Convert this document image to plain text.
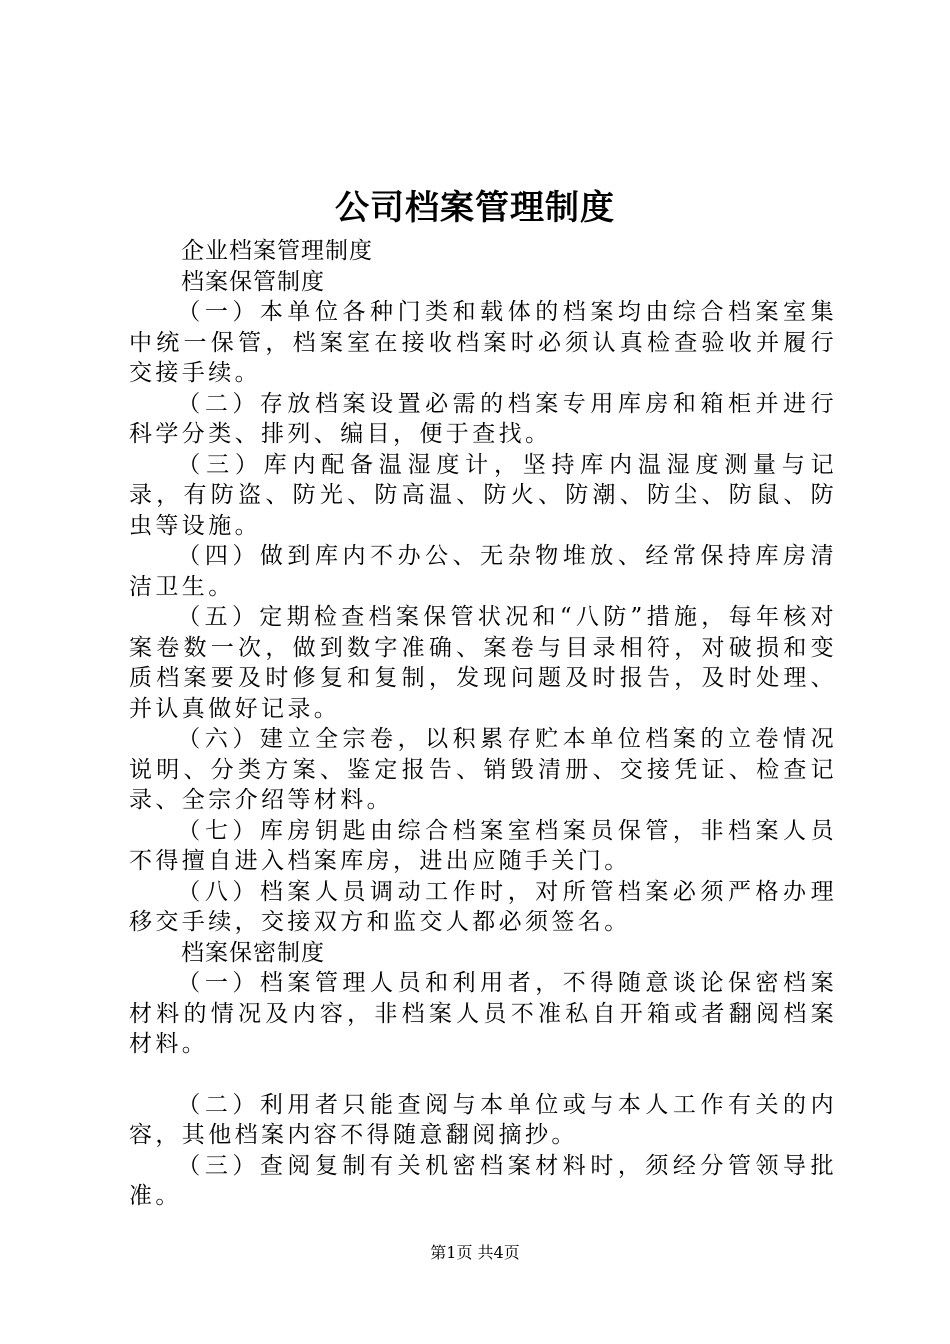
公司档案管理制度

企业档案管理制度

档案保管制度

（一）本单位各种门类和载体的档案均由综合档案室集中统一保管，档案室在接收档案时必须认真检查验收并履行交接手续。

（二）存放档案设置必需的档案专用库房和箱柜并进行科学分类、排列、编目，便于查找。

（三）库内配备温湿度计，坚持库内温湿度测量与记录，有防盗、防光、防高温、防火、防潮、防尘、防鼠、防虫等设施。

（四）做到库内不办公、无杂物堆放、经常保持库房清洁卫生。

（五）定期检查档案保管状况和“八防”措施，每年核对案卷数一次，做到数字准确、案卷与目录相符，对破损和变质档案要及时修复和复制，发现问题及时报告，及时处理、并认真做好记录。

（六）建立全宗卷，以积累存贮本单位档案的立卷情况说明、分类方案、鉴定报告、销毁清册、交接凭证、检查记录、全宗介绍等材料。

（七）库房钥匙由综合档案室档案员保管，非档案人员不得擅自进入档案库房，进出应随手关门。

（八）档案人员调动工作时，对所管档案必须严格办理移交手续，交接双方和监交人都必须签名。

档案保密制度

（一）档案管理人员和利用者，不得随意谈论保密档案材料的情况及内容，非档案人员不准私自开箱或者翻阅档案材料。

（二）利用者只能查阅与本单位或与本人工作有关的内容，其他档案内容不得随意翻阅摘抄。

（三）查阅复制有关机密档案材料时，须经分管领导批准。

第1页 共4页
